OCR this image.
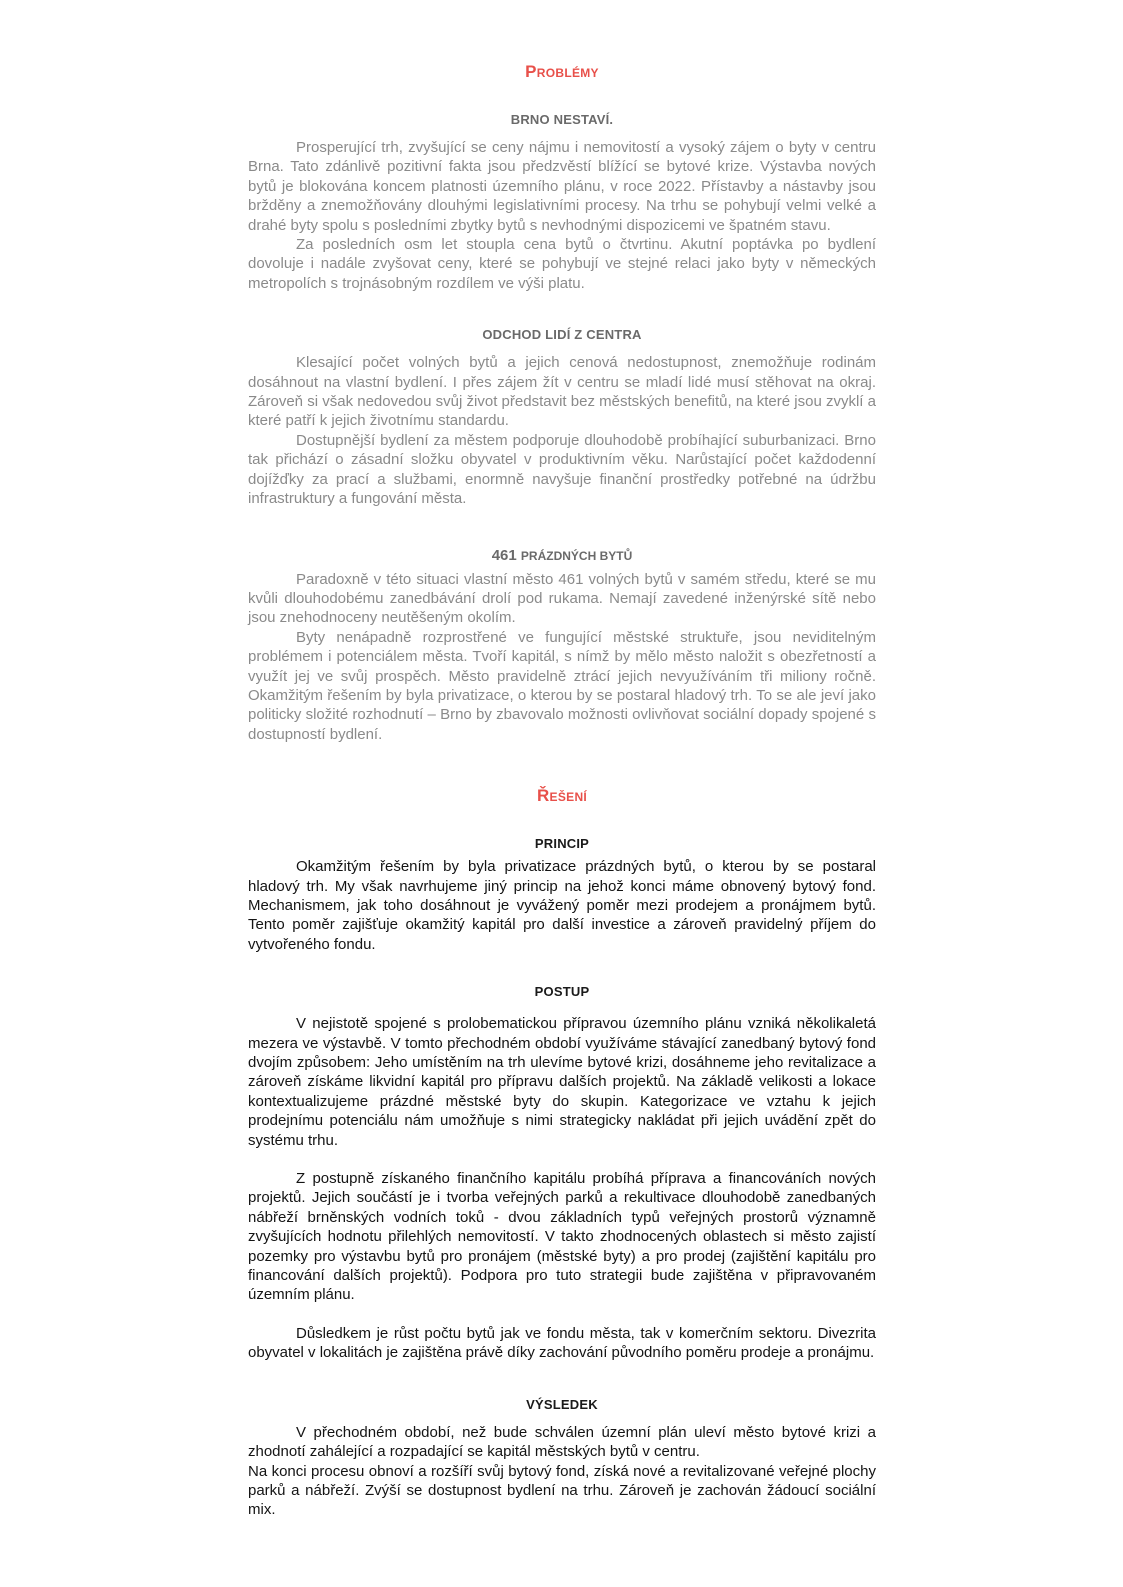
Problémy
BRNO NESTAVÍ.

Prosperující trh, zvyšující se ceny nájmu i nemovitostí a vysoký zájem o byty v centru Brna. Tato zdánlivě pozitivní fakta jsou předzvěstí blížící se bytové krize. Výstavba nových bytů je blokována koncem platnosti územního plánu, v roce 2022. Přístavby a nástavby jsou bržděny a znemožňovány dlouhými legislativními procesy. Na trhu se pohybují velmi velké a drahé byty spolu s posledními zbytky bytů s nevhodnými dispozicemi ve špatném stavu.

Za posledních osm let stoupla cena bytů o čtvrtinu. Akutní poptávka po bydlení dovoluje i nadále zvyšovat ceny, které se pohybují ve stejné relaci jako byty v německých metropolích s trojnásobným rozdílem ve výši platu.

ODCHOD LIDÍ Z CENTRA

Klesající počet volných bytů a jejich cenová nedostupnost, znemožňuje rodinám dosáhnout na vlastní bydlení. I přes zájem žít v centru se mladí lidé musí stěhovat na okraj. Zároveň si však nedovedou svůj život představit bez městských benefitů, na které jsou zvyklí a které patří k jejich životnímu standardu.

Dostupnější bydlení za městem podporuje dlouhodobě probíhající suburbanizaci. Brno tak přichází o zásadní složku obyvatel v produktivním věku. Narůstající počet každodenní dojížďky za prací a službami, enormně navyšuje finanční prostředky potřebné na údržbu infrastruktury a fungování města.

461 PRÁZDNÝCH BYTŮ

Paradoxně v této situaci vlastní město 461 volných bytů v samém středu, které se mu kvůli dlouhodobému zanedbávání drolí pod rukama. Nemají zavedené inženýrské sítě nebo jsou znehodnoceny neutěšeným okolím.

Byty nenápadně rozprostřené ve fungující městské struktuře, jsou neviditelným problémem i potenciálem města. Tvoří kapitál, s nímž by mělo město naložit s obezřetností a využít jej ve svůj prospěch. Město pravidelně ztrácí jejich nevyužíváním tři miliony ročně. Okamžitým řešením by byla privatizace, o kterou by se postaral hladový trh. To se ale jeví jako politicky složité rozhodnutí – Brno by zbavovalo možnosti ovlivňovat sociální dopady spojené s dostupností bydlení.

Řešení
PRINCIP

Okamžitým řešením by byla privatizace prázdných bytů, o kterou by se postaral hladový trh. My však navrhujeme jiný princip na jehož konci máme obnovený bytový fond. Mechanismem, jak toho dosáhnout je vyvážený poměr mezi prodejem a pronájmem bytů. Tento poměr zajišťuje okamžitý kapitál pro další investice a zároveň pravidelný příjem do vytvořeného fondu.

POSTUP

V nejistotě spojené s prolobematickou přípravou územního plánu vzniká několikaletá mezera ve výstavbě. V tomto přechodném období využíváme stávající zanedbaný bytový fond dvojím způsobem: Jeho umístěním na trh ulevíme bytové krizi, dosáhneme jeho revitalizace a zároveň získáme likvidní kapitál pro přípravu dalších projektů. Na základě velikosti a lokace kontextualizujeme prázdné městské byty do skupin. Kategorizace ve vztahu k jejich prodejnímu potenciálu nám umožňuje s nimi strategicky nakládat při jejich uvádění zpět do systému trhu.

Z postupně získaného finančního kapitálu probíhá příprava a financováních nových projektů. Jejich součástí je i tvorba veřejných parků a rekultivace dlouhodobě zanedbaných nábřeží brněnských vodních toků - dvou základních typů veřejných prostorů významně zvyšujících hodnotu přilehlých nemovitostí. V takto zhodnocených oblastech si město zajistí pozemky pro výstavbu bytů pro pronájem (městské byty) a pro prodej (zajištění kapitálu pro financování dalších projektů). Podpora pro tuto strategii bude zajištěna v připravovaném územním plánu.

Důsledkem je růst počtu bytů jak ve fondu města, tak v komerčním sektoru. Divezrita obyvatel v lokalitách je zajištěna právě díky zachování původního poměru prodeje a pronájmu.

VÝSLEDEK

V přechodném období, než bude schválen územní plán uleví město bytové krizi a zhodnotí zahálející a rozpadající se kapitál městských bytů v centru.

Na konci procesu obnoví a rozšíří svůj bytový fond, získá nové a revitalizované veřejné plochy parků a nábřeží. Zvýší se dostupnost bydlení na trhu. Zároveň je zachován žádoucí sociální mix.
